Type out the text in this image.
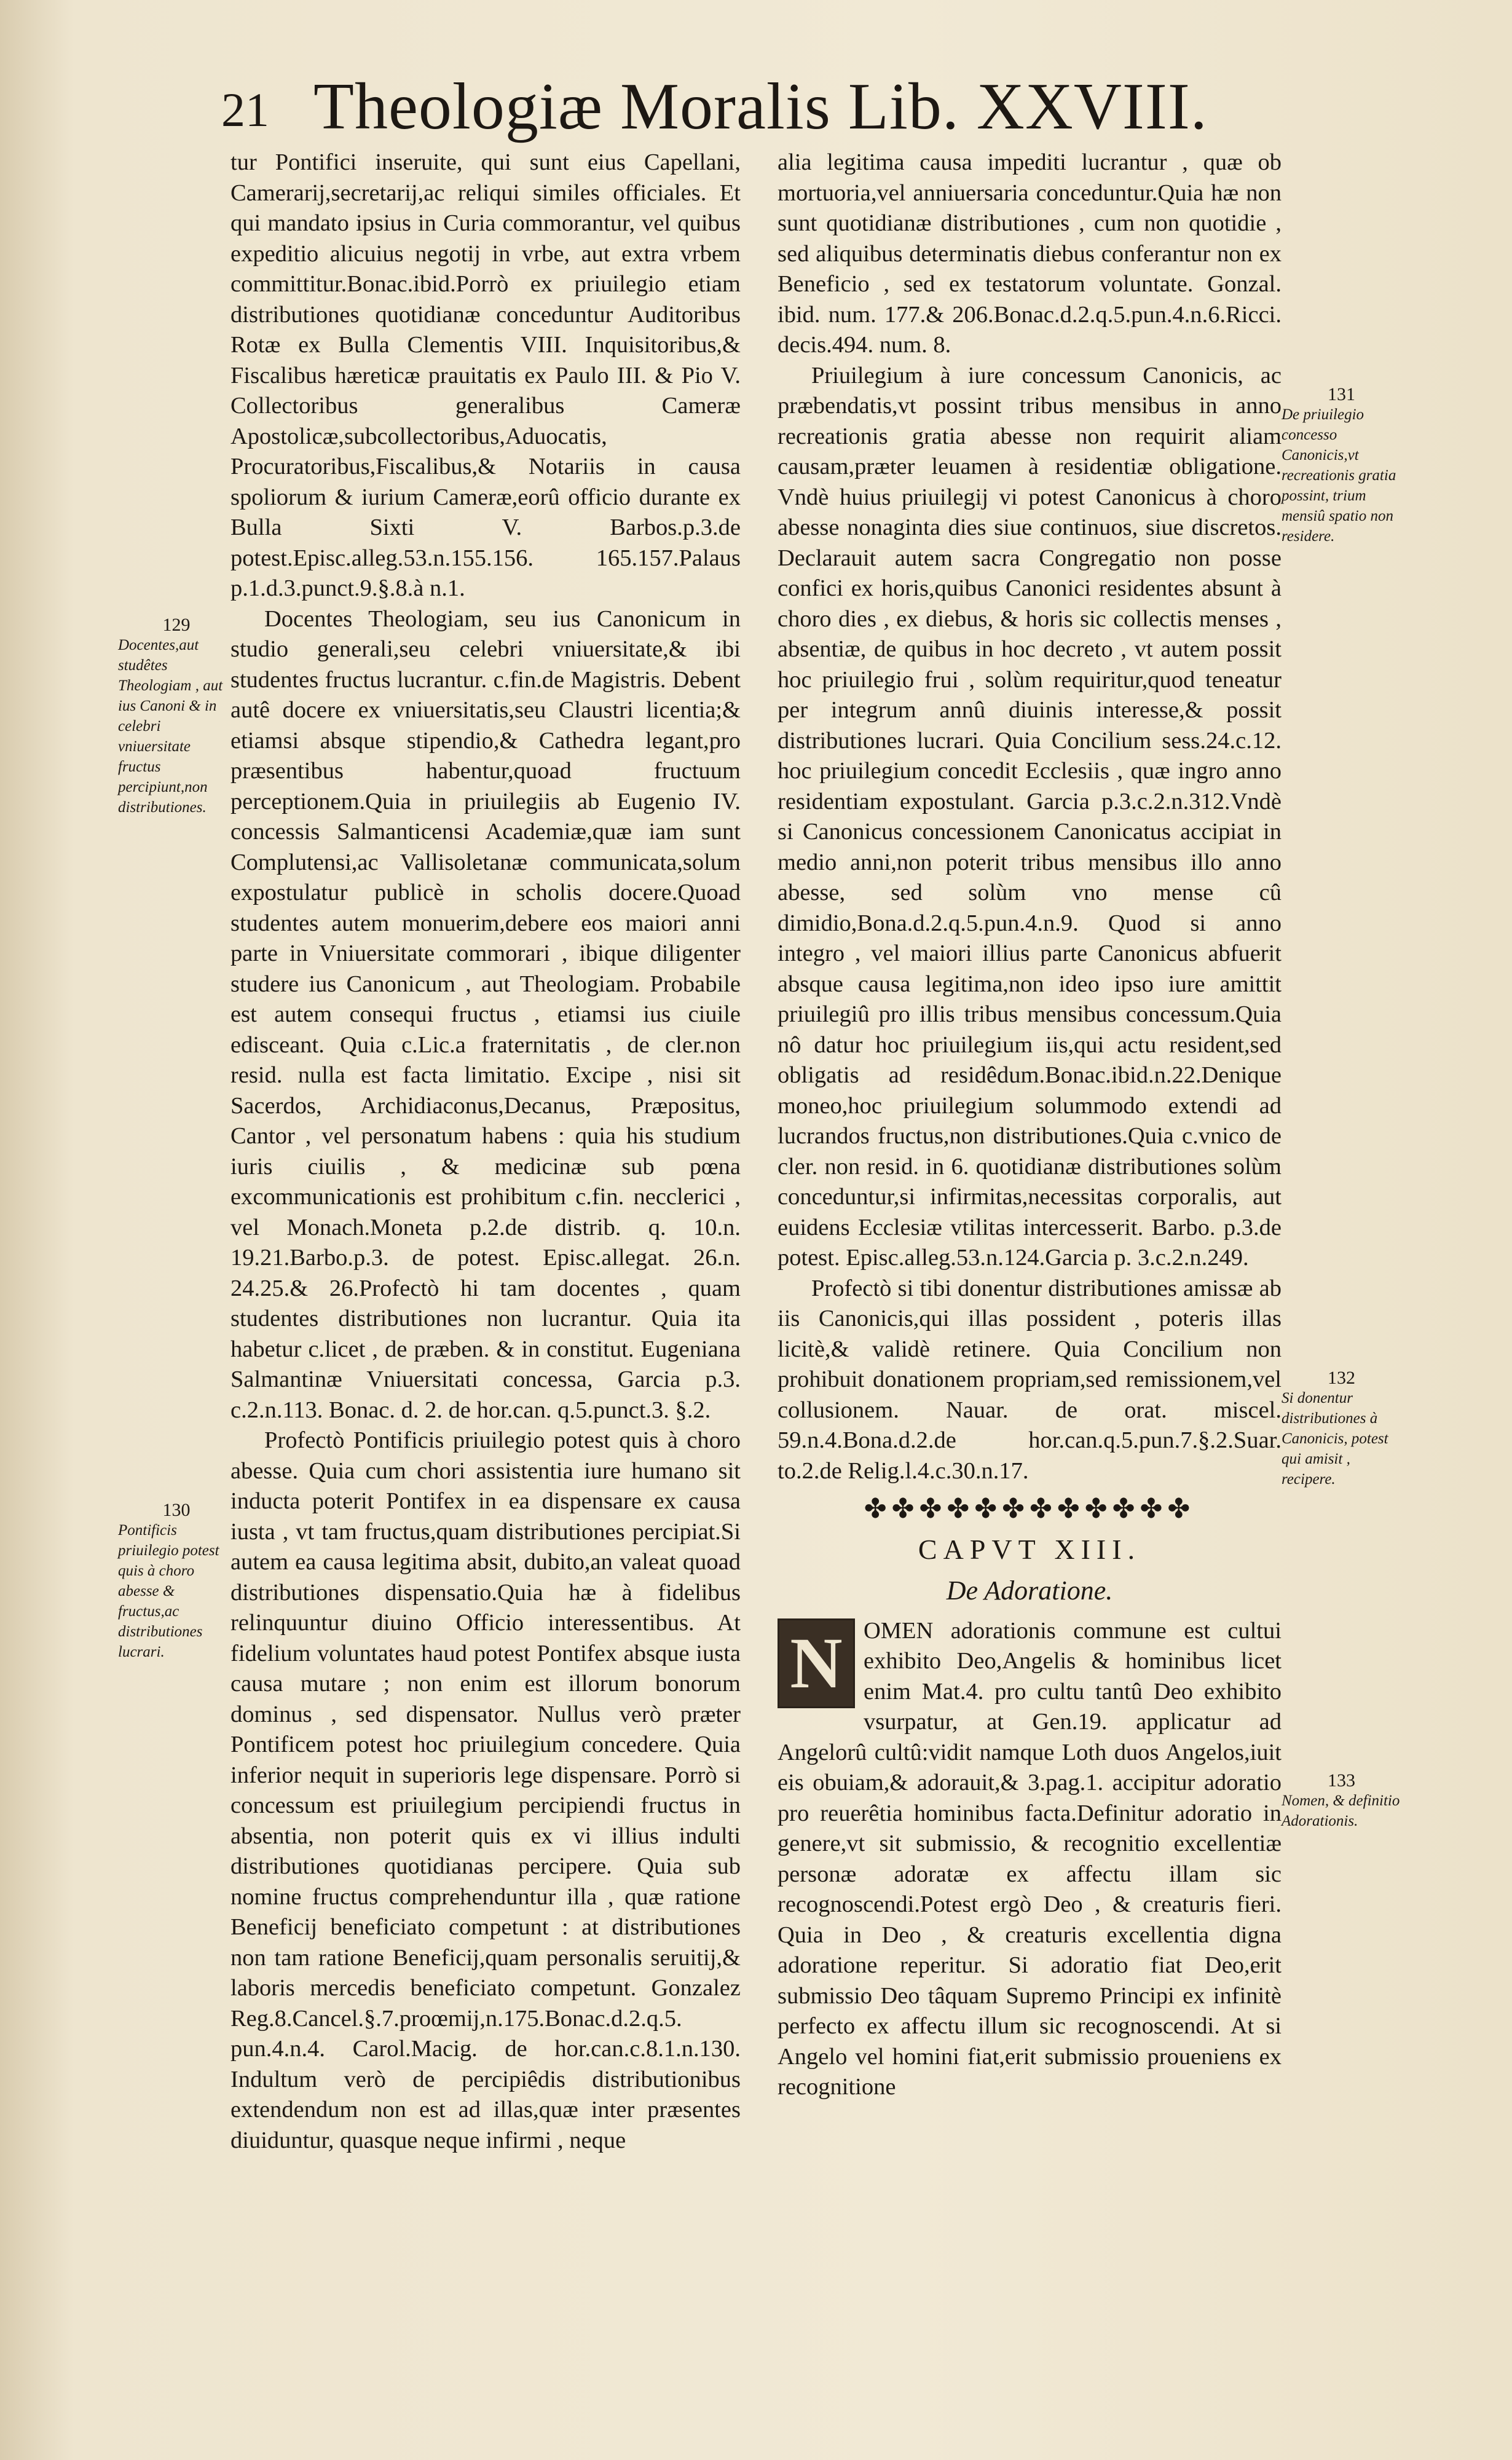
21 Theologiæ Moralis Lib. XXVIII.

tur Pontifici inseruite, qui sunt eius Capellani, Camerarij,secretarij,ac reliqui similes officiales. Et qui mandato ipsius in Curia commorantur, vel quibus expeditio alicuius negotij in vrbe, aut extra vrbem committitur.Bonac.ibid.Porrò ex priuilegio etiam distributiones quotidianæ conceduntur Auditoribus Rotæ ex Bulla Clementis VIII. Inquisitoribus,& Fiscalibus hæreticæ prauitatis ex Paulo III. & Pio V. Collectoribus generalibus Cameræ Apostolicæ,subcollectoribus,Aduocatis, Procuratoribus,Fiscalibus,& Notariis in causa spoliorum & iurium Cameræ,eorû officio durante ex Bulla Sixti V. Barbos.p.3.de potest.Episc.alleg.53.n.155.156. 165.157.Palaus p.1.d.3.punct.9.§.8.à n.1.

Docentes Theologiam, seu ius Canonicum in studio generali,seu celebri vniuersitate,& ibi studentes fructus lucrantur. c.fin.de Magistris. Debent autê docere ex vniuersitatis,seu Claustri licentia;& etiamsi absque stipendio,& Cathedra legant,pro præsentibus habentur,quoad fructuum perceptionem.Quia in priuilegiis ab Eugenio IV. concessis Salmanticensi Academiæ,quæ iam sunt Complutensi,ac Vallisoletanæ communicata,solum expostulatur publicè in scholis docere.Quoad studentes autem monuerim,debere eos maiori anni parte in Vniuersitate commorari , ibique diligenter studere ius Canonicum , aut Theologiam. Probabile est autem consequi fructus , etiamsi ius ciuile edisceant. Quia c.Lic.a fraternitatis , de cler.non resid. nulla est facta limitatio. Excipe , nisi sit Sacerdos, Archidiaconus,Decanus, Præpositus, Cantor , vel personatum habens : quia his studium iuris ciuilis , & medicinæ sub pœna excommunicationis est prohibitum c.fin. necclerici , vel Monach.Moneta p.2.de distrib. q. 10.n. 19.21.Barbo.p.3. de potest. Episc.allegat. 26.n. 24.25.& 26.Profectò hi tam docentes , quam studentes distributiones non lucrantur. Quia ita habetur c.licet , de præben. & in constitut. Eugeniana Salmantinæ Vniuersitati concessa, Garcia p.3. c.2.n.113. Bonac. d. 2. de hor.can. q.5.punct.3. §.2.

Profectò Pontificis priuilegio potest quis à choro abesse. Quia cum chori assistentia iure humano sit inducta poterit Pontifex in ea dispensare ex causa iusta , vt tam fructus,quam distributiones percipiat.Si autem ea causa legitima absit, dubito,an valeat quoad distributiones dispensatio.Quia hæ à fidelibus relinquuntur diuino Officio interessentibus. At fidelium voluntates haud potest Pontifex absque iusta causa mutare ; non enim est illorum bonorum dominus , sed dispensator. Nullus verò præter Pontificem potest hoc priuilegium concedere. Quia inferior nequit in superioris lege dispensare. Porrò si concessum est priuilegium percipiendi fructus in absentia, non poterit quis ex vi illius indulti distributiones quotidianas percipere. Quia sub nomine fructus comprehenduntur illa , quæ ratione Beneficij beneficiato competunt : at distributiones non tam ratione Beneficij,quam personalis seruitij,& laboris mercedis beneficiato competunt. Gonzalez Reg.8.Cancel.§.7.proœmij,n.175.Bonac.d.2.q.5. pun.4.n.4. Carol.Macig. de hor.can.c.8.1.n.130. Indultum verò de percipiêdis distributionibus extendendum non est ad illas,quæ inter præsentes diuiduntur, quasque neque infirmi , neque

alia legitima causa impediti lucrantur , quæ ob mortuoria,vel anniuersaria conceduntur.Quia hæ non sunt quotidianæ distributiones , cum non quotidie , sed aliquibus determinatis diebus conferantur non ex Beneficio , sed ex testatorum voluntate. Gonzal. ibid. num. 177.& 206.Bonac.d.2.q.5.pun.4.n.6.Ricci. decis.494. num. 8.

Priuilegium à iure concessum Canonicis, ac præbendatis,vt possint tribus mensibus in anno recreationis gratia abesse non requirit aliam causam,præter leuamen à residentiæ obligatione. Vndè huius priuilegij vi potest Canonicus à choro abesse nonaginta dies siue continuos, siue discretos. Declarauit autem sacra Congregatio non posse confici ex horis,quibus Canonici residentes absunt à choro dies , ex diebus, & horis sic collectis menses , absentiæ, de quibus in hoc decreto , vt autem possit hoc priuilegio frui , solùm requiritur,quod teneatur per integrum annû diuinis interesse,& possit distributiones lucrari. Quia Concilium sess.24.c.12. hoc priuilegium concedit Ecclesiis , quæ ingro anno residentiam expostulant. Garcia p.3.c.2.n.312.Vndè si Canonicus concessionem Canonicatus accipiat in medio anni,non poterit tribus mensibus illo anno abesse, sed solùm vno mense cû dimidio,Bona.d.2.q.5.pun.4.n.9. Quod si anno integro , vel maiori illius parte Canonicus abfuerit absque causa legitima,non ideo ipso iure amittit priuilegiû pro illis tribus mensibus concessum.Quia nô datur hoc priuilegium iis,qui actu resident,sed obligatis ad residêdum.Bonac.ibid.n.22.Denique moneo,hoc priuilegium solummodo extendi ad lucrandos fructus,non distributiones.Quia c.vnico de cler. non resid. in 6. quotidianæ distributiones solùm conceduntur,si infirmitas,necessitas corporalis, aut euidens Ecclesiæ vtilitas intercesserit. Barbo. p.3.de potest. Episc.alleg.53.n.124.Garcia p. 3.c.2.n.249.

Profectò si tibi donentur distributiones amissæ ab iis Canonicis,qui illas possident , poteris illas licitè,& validè retinere. Quia Concilium non prohibuit donationem propriam,sed remissionem,vel collusionem. Nauar. de orat. miscel. 59.n.4.Bona.d.2.de hor.can.q.5.pun.7.§.2.Suar. to.2.de Relig.l.4.c.30.n.17.

✤✤✤✤✤✤✤✤✤✤✤✤
CAPVT XIII.
De Adoratione.
N OMEN adorationis commune est cultui exhibito Deo,Angelis & hominibus licet enim Mat.4. pro cultu tantû Deo exhibito vsurpatur, at Gen.19. applicatur ad Angelorû cultû:vidit namque Loth duos Angelos,iuit eis obuiam,& adorauit,& 3.pag.1. accipitur adoratio pro reuerêtia hominibus facta.Definitur adoratio in genere,vt sit submissio, & recognitio excellentiæ personæ adoratæ ex affectu illam sic recognoscendi.Potest ergò Deo , & creaturis fieri. Quia in Deo , & creaturis excellentia digna adoratione reperitur. Si adoratio fiat Deo,erit submissio Deo tâquam Supremo Principi ex infinitè perfecto ex affectu illum sic recognoscendi. At si Angelo vel homini fiat,erit submissio proueniens ex recognitione

129
Docentes,aut studêtes Theologiam , aut ius Canoni & in celebri vniuersitate fructus percipiunt,non distributiones.
130
Pontificis priuilegio potest quis à choro abesse & fructus,ac distributiones lucrari.
131
De priuilegio concesso Canonicis,vt recreationis gratia possint, trium mensiû spatio non residere.
132
Si donentur distributiones à Canonicis, potest qui amisit , recipere.
133
Nomen, & definitio Adorationis.
